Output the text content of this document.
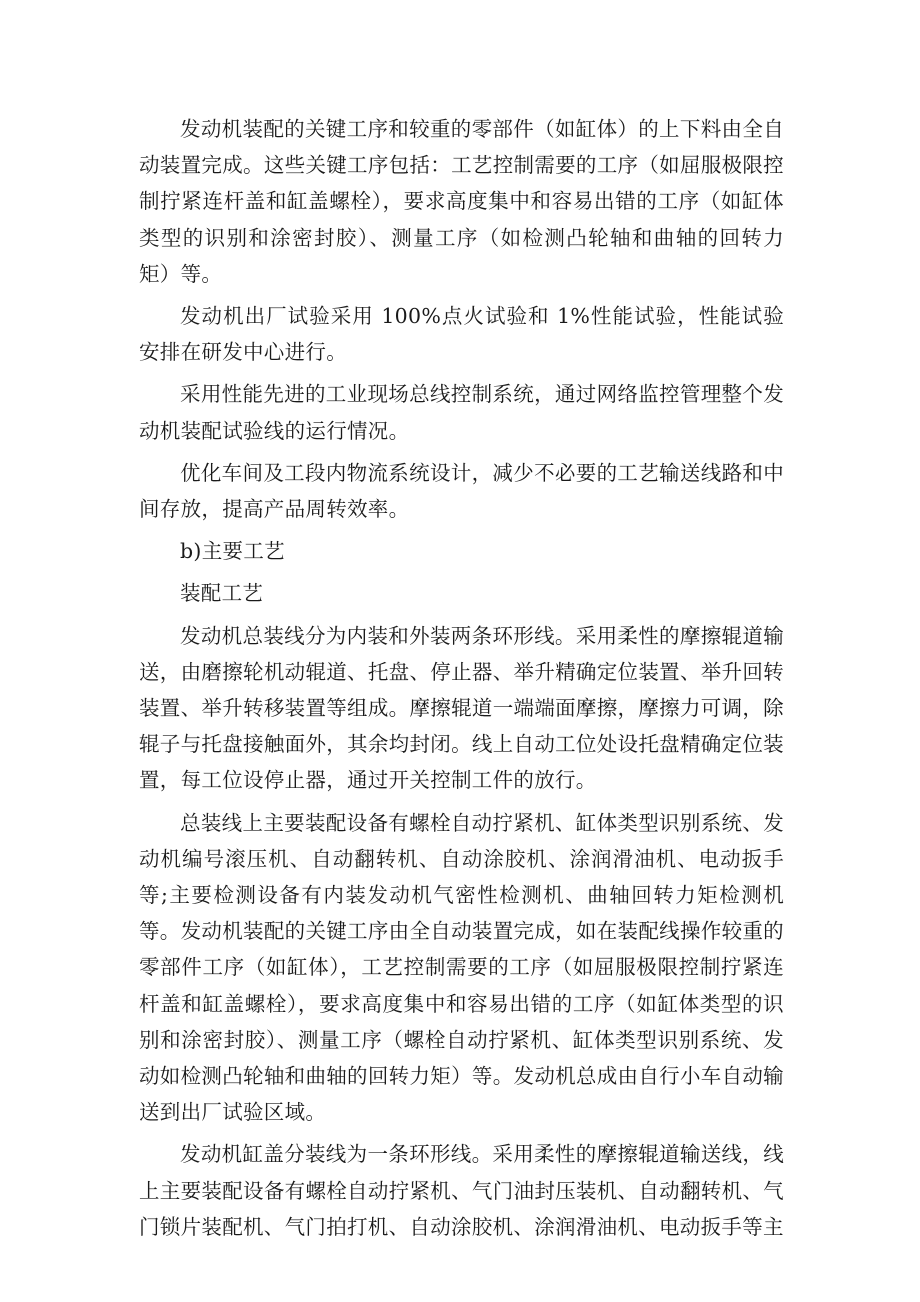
发动机装配的关键工序和较重的零部件（如缸体）的上下料由全自动装置完成。这些关键工序包括：工艺控制需要的工序（如屈服极限控制拧紧连杆盖和缸盖螺栓），要求高度集中和容易出错的工序（如缸体类型的识别和涂密封胶）、测量工序（如检测凸轮轴和曲轴的回转力矩）等。

发动机出厂试验采用 100%点火试验和 1%性能试验，性能试验安排在研发中心进行。

采用性能先进的工业现场总线控制系统，通过网络监控管理整个发动机装配试验线的运行情况。

优化车间及工段内物流系统设计，减少不必要的工艺输送线路和中间存放，提高产品周转效率。

b)主要工艺

装配工艺

发动机总装线分为内装和外装两条环形线。采用柔性的摩擦辊道输送，由磨擦轮机动辊道、托盘、停止器、举升精确定位装置、举升回转装置、举升转移装置等组成。摩擦辊道一端端面摩擦，摩擦力可调，除辊子与托盘接触面外，其余均封闭。线上自动工位处设托盘精确定位装置，每工位设停止器，通过开关控制工件的放行。

总装线上主要装配设备有螺栓自动拧紧机、缸体类型识别系统、发动机编号滚压机、自动翻转机、自动涂胶机、涂润滑油机、电动扳手等;主要检测设备有内装发动机气密性检测机、曲轴回转力矩检测机等。发动机装配的关键工序由全自动装置完成，如在装配线操作较重的零部件工序（如缸体），工艺控制需要的工序（如屈服极限控制拧紧连杆盖和缸盖螺栓），要求高度集中和容易出错的工序（如缸体类型的识别和涂密封胶）、测量工序（螺栓自动拧紧机、缸体类型识别系统、发动如检测凸轮轴和曲轴的回转力矩）等。发动机总成由自行小车自动输送到出厂试验区域。

发动机缸盖分装线为一条环形线。采用柔性的摩擦辊道输送线，线上主要装配设备有螺栓自动拧紧机、气门油封压装机、自动翻转机、气门锁片装配机、气门拍打机、自动涂胶机、涂润滑油机、电动扳手等主
